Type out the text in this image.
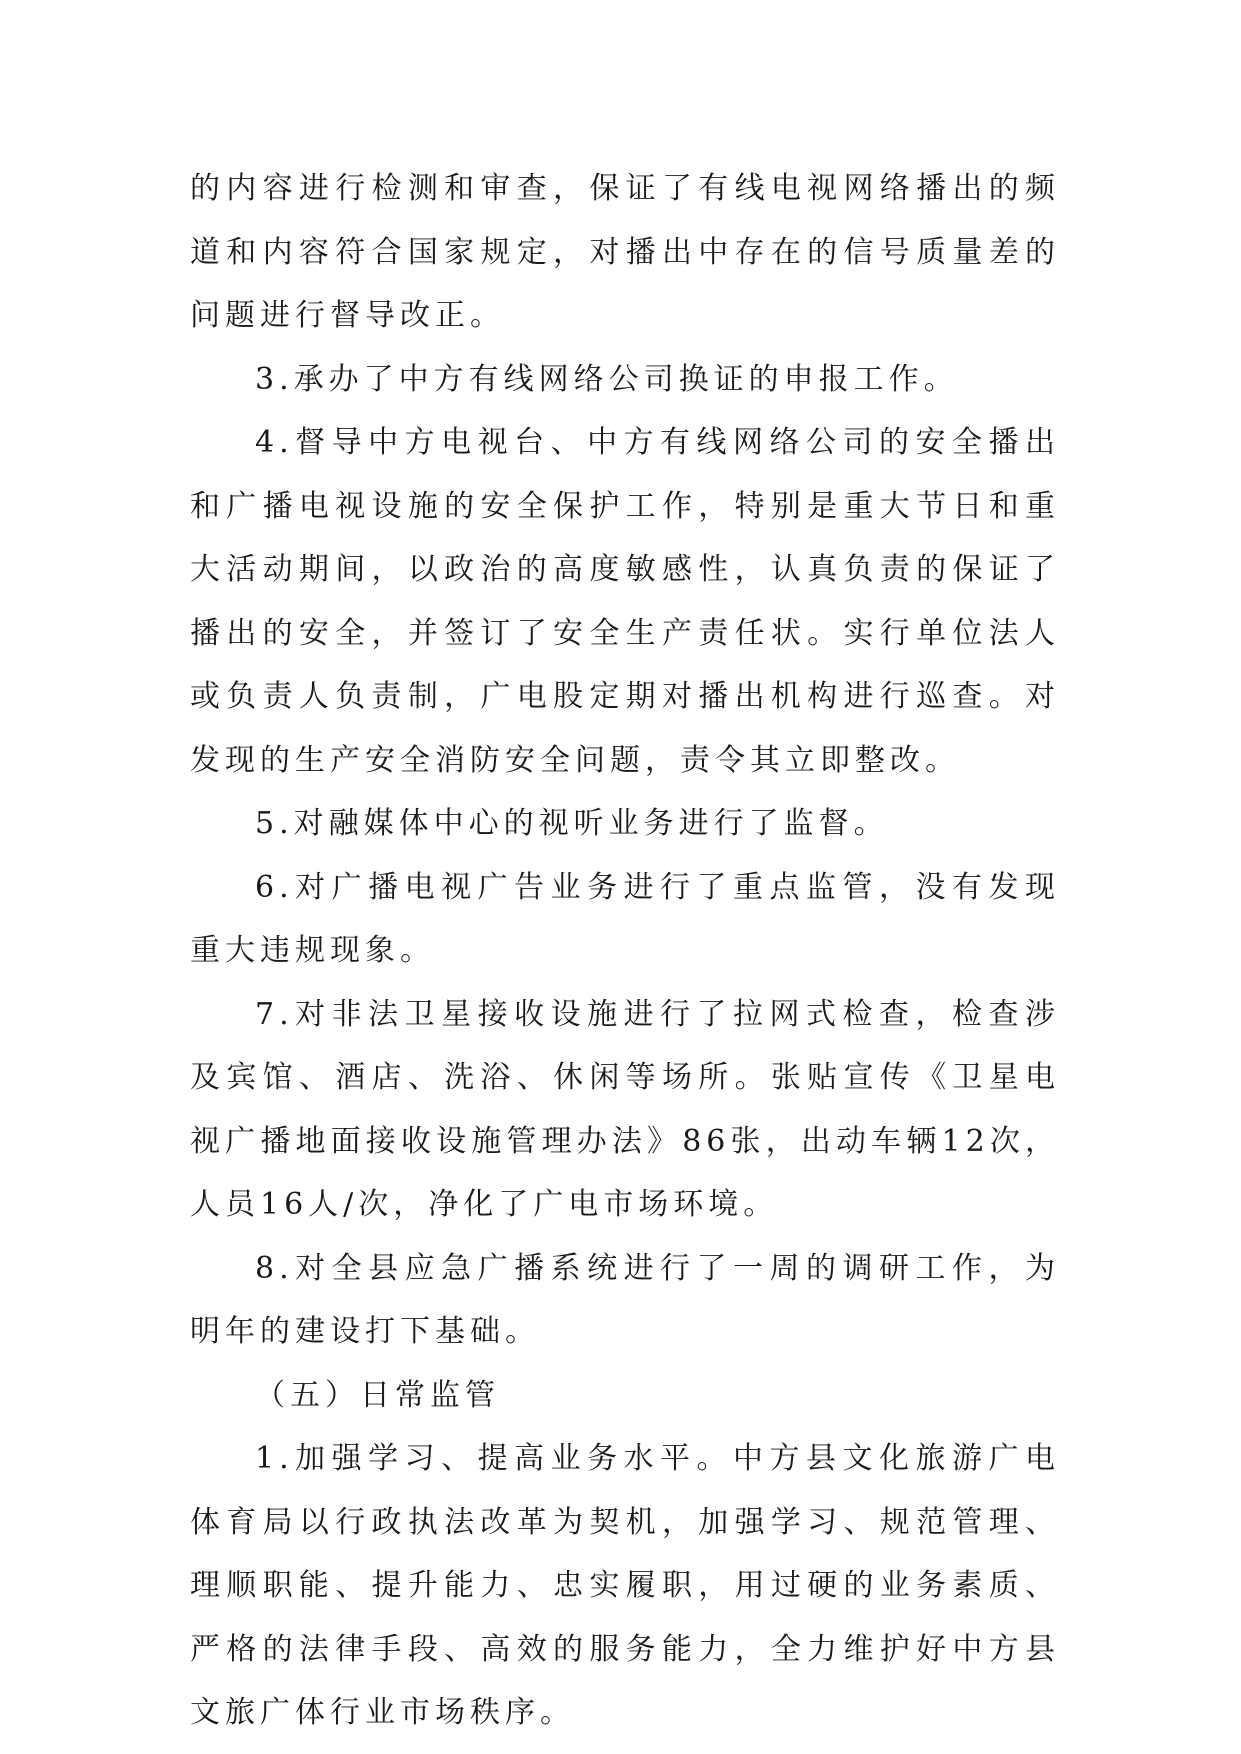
的内容进行检测和审查，保证了有线电视网络播出的频道和内容符合国家规定，对播出中存在的信号质量差的问题进行督导改正。

3.承办了中方有线网络公司换证的申报工作。

4.督导中方电视台、中方有线网络公司的安全播出和广播电视设施的安全保护工作，特别是重大节日和重大活动期间，以政治的高度敏感性，认真负责的保证了播出的安全，并签订了安全生产责任状。实行单位法人或负责人负责制，广电股定期对播出机构进行巡查。对发现的生产安全消防安全问题，责令其立即整改。

5.对融媒体中心的视听业务进行了监督。

6.对广播电视广告业务进行了重点监管，没有发现重大违规现象。

7.对非法卫星接收设施进行了拉网式检查，检查涉及宾馆、酒店、洗浴、休闲等场所。张贴宣传《卫星电视广播地面接收设施管理办法》86张，出动车辆12次，人员16人/次，净化了广电市场环境。

8.对全县应急广播系统进行了一周的调研工作，为明年的建设打下基础。

（五）日常监管

1.加强学习、提高业务水平。中方县文化旅游广电体育局以行政执法改革为契机，加强学习、规范管理、理顺职能、提升能力、忠实履职，用过硬的业务素质、严格的法律手段、高效的服务能力，全力维护好中方县文旅广体行业市场秩序。
